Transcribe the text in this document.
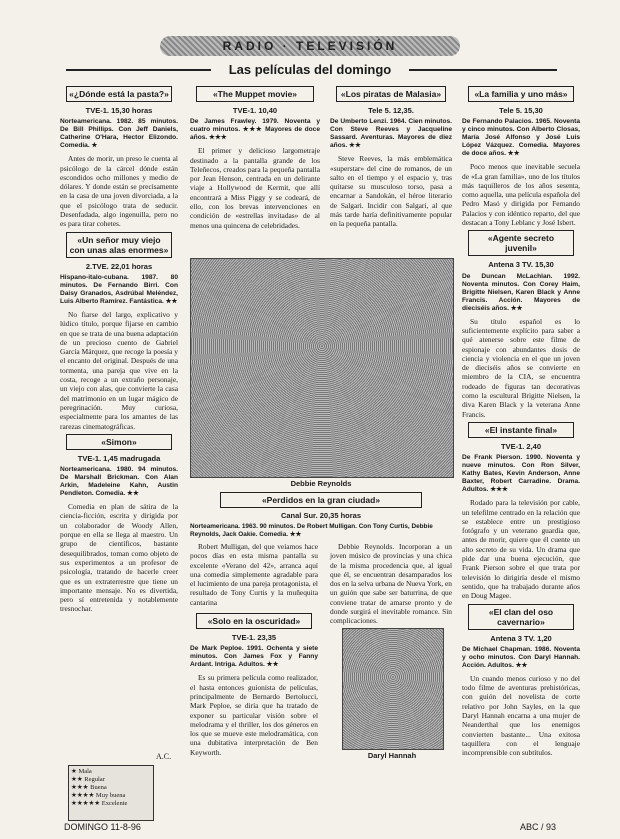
RADIO · TELEVISIÓN
Las películas del domingo
«¿Dónde está la pasta?»
TVE-1. 15,30 horas
Norteamericana. 1982. 85 minutos. De Bill Phillips. Con Jeff Daniels, Catherine O'Hara, Hector Elizondo. Comedia. ★

Antes de morir, un preso le cuenta al psicólogo de la cárcel dónde están escondidos ocho millones y medio de dólares. Y donde están se precisamente en la casa de una joven divorciada, a la que el psicólogo trata de seducir. Desenfadada, algo ingenuilla, pero no es para tirar cohetes.

«Un señor muy viejo con unas alas enormes»
2.TVE. 22,01 horas
Hispano-italo-cubana. 1987. 80 minutos. De Fernando Birri. Con Daisy Granados, Asdrúbal Meléndez, Luis Alberto Ramírez. Fantástica. ★★

No fiarse del largo, explicativo y lúdico título, porque fijarse en cambio en que se trata de una buena adaptación de un precioso cuento de Gabriel García Márquez, que recoge la poesía y el encanto del original. Después de una tormenta, una pareja que vive en la costa, recoge a un extraño personaje, un viejo con alas, que convierte la casa del matrimonio en un lugar mágico de peregrinación. Muy curiosa, especialmente para los amantes de las rarezas cinematográficas.

«Simon»
TVE-1. 1,45 madrugada
Norteamericana. 1980. 94 minutos. De Marshall Brickman. Con Alan Arkin, Madeleine Kahn, Austin Pendleton. Comedia. ★★

Comedia en plan de sátira de la ciencia-ficción, escrita y dirigida por un colaborador de Woody Allen, porque en ella se llega al maestro. Un grupo de científicos, bastante desequilibrados, toman como objeto de sus experimentos a un profesor de psicología, tratando de hacerle creer que es un extraterrestre que tiene un importante mensaje. No es divertida, pero sí entretenida y notablemente tresnochar.

A.C.
★ Mala
★★ Regular
★★★ Buena
★★★★ Muy buena
★★★★★ Excelente
«The Muppet movie»
TVE-1. 10,40
De James Frawley. 1979. Noventa y cuatro minutos. ★★★ Mayores de doce años. ★★★

El primer y delicioso largometraje destinado a la pantalla grande de los Teleñecos, creados para la pequeña pantalla por Jean Henson, centrada en un delirante viaje a Hollywood de Kermit, que allí encontrará a Miss Piggy y se codeará, de ello, con los brevas intervenciones en condición de «estrellas invitadas» de al menos una quincena de celebridades.

«Los piratas de Malasia»
Tele 5. 12,35.
De Umberto Lenzi. 1964. Cien minutos. Con Steve Reeves y Jacqueline Sassard. Aventuras. Mayores de diez años. ★★

Steve Reeves, la más emblemática «superstar» del cine de romanos, de un salto en el tiempo y el espacio y, tras quitarse su musculoso torso, pasa a encarnar a Sandokán, el héroe literario de Salgari. Incidir con Salgari, al que más tarde haría definitivamente popular en la pequeña pantalla.

Debbie Reynolds
«Perdidos en la gran ciudad»
Canal Sur. 20,35 horas
Norteamericana. 1963. 90 minutos. De Robert Mulligan. Con Tony Curtis, Debbie Reynolds, Jack Oakie. Comedia. ★★

Robert Mulligan, del que veíamos hace pocos días en esta misma pantalla su excelente «Verano del 42», arranca aquí una comedia simplemente agradable para el lucimiento de una pareja protagonista, el resultado de Tony Curtis y la muñequita cantarina

«Solo en la oscuridad»
TVE-1. 23,35
De Mark Peploe. 1991. Ochenta y siete minutos. Con James Fox y Fanny Ardant. Intriga. Adultos. ★★

Es su primera película como realizador, el hasta entonces guionista de películas, principalmente de Bernardo Bertolucci, Mark Peploe, se diría que ha tratado de exponer su particular visión sobre el melodrama y el thriller, los dos géneros en los que se mueve este melodramática, con una dubitativa interpretación de Ben Keyworth.

Debbie Reynolds. Incorporan a un joven músico de provincias y una chica de la misma procedencia que, al igual que él, se encuentran desamparados los dos en la selva urbana de Nueva York, en un guión que sabe ser baturrina, de que conviene tratar de amarse pronto y de donde surgirá el inevitable romance. Sin complicaciones.

Daryl Hannah
«La familia y uno más»
Tele 5. 15,30
De Fernando Palacios. 1965. Noventa y cinco minutos. Con Alberto Closas, María José Alfonso y José Luis López Vázquez. Comedia. Mayores de doce años. ★★

Poco menos que inevitable secuela de «La gran familia», uno de los títulos más taquilleros de los años sesenta, como aquella, una película española del Pedro Masó y dirigida por Fernando Palacios y con idéntico reparto, del que destacan a Tony Leblanc y José Isbert.

«Agente secreto juvenil»
Antena 3 TV. 15,30
De Duncan McLachlan. 1992. Noventa minutos. Con Corey Haim, Brigitte Nielsen, Karen Black y Anne Francis. Acción. Mayores de dieciséis años. ★★

Su título español es lo suficientemente explícito para saber a qué atenerse sobre este filme de espionaje con abundantes dosis de ciencia y violencia en el que un joven de dieciséis años se convierte en miembro de la CIA, se encuentra rodeado de figuras tan decorativas como la escultural Brigitte Nielsen, la diva Karen Black y la veterana Anne Francis.

«El instante final»
TVE-1. 2,40
De Frank Pierson. 1990. Noventa y nueve minutos. Con Ron Silver, Kathy Bates, Kevin Anderson, Anne Baxter, Robert Carradine. Drama. Adultos. ★★★

Rodado para la televisión por cable, un telefilme centrado en la relación que se establece entre un prestigioso fotógrafo y un veterano guardia que, antes de morir, quiere que él cuente un alto secreto de su vida. Un drama que pide dar una buena ejecución, que Frank Pierson sobre el que trata por televisión lo dirigiría desde el mismo sentido, que ha trabajado durante años en Doug Magee.

«El clan del oso cavernario»
Antena 3 TV. 1,20
De Michael Chapman. 1986. Noventa y ocho minutos. Con Daryl Hannah. Acción. Adultos. ★★

Un cuando menos curioso y no del todo filme de aventuras prehistóricas, con guión del novelista de corte relativo por John Sayles, en la que Daryl Hannah encarna a una mujer de Neanderthal que los enemigos convierten bastante... Una exitosa taquillera con el lenguaje incomprensible con subtítulos.

DOMINGO 11-8-96	ABC / 93
